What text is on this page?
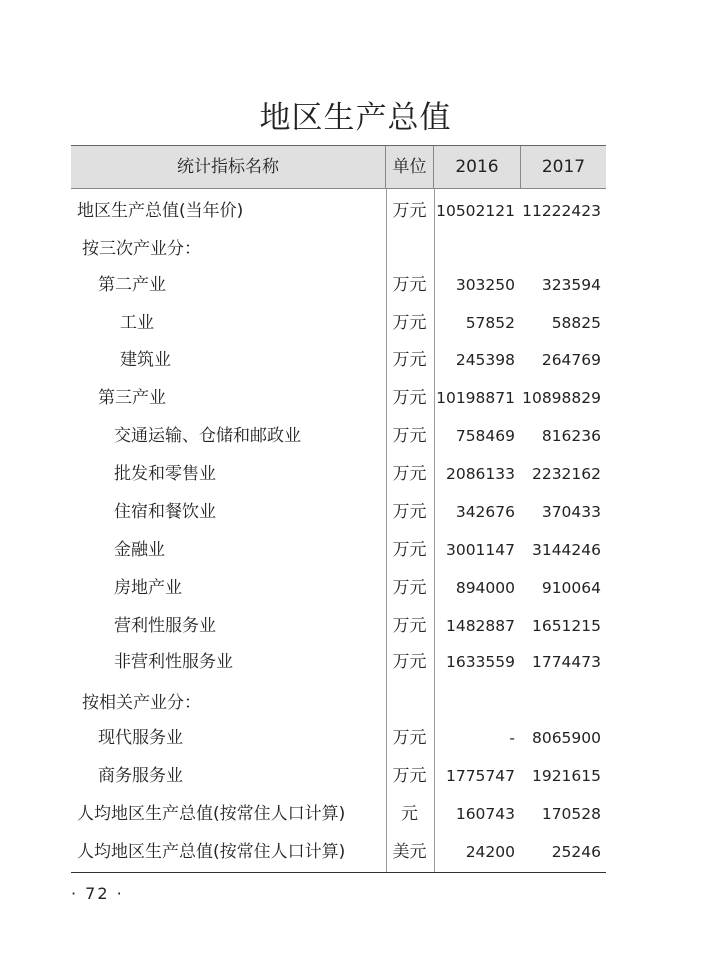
地区生产总值
统计指标名称	单位	2016	2017
地区生产总值(当年价)	万元 10502121 11222423
按三次产业分：
第二产业	万元	303250	323594
工业	万元	57852	58825
建筑业	万元	245398	264769
第三产业	万元 10198871 10898829
交通运输、仓储和邮政业	万元	758469	816236
批发和零售业	万元	2086133	2232162
住宿和餐饮业	万元	342676	370433
金融业	万元	3001147	3144246
房地产业	万元	894000	910064
营利性服务业	万元	1482887	1651215
非营利性服务业	万元	1633559	1774473
按相关产业分：
现代服务业	万元	-	8065900
商务服务业	万元	1775747	1921615
人均地区生产总值(按常住人口计算)	元	160743	170528
人均地区生产总值(按常住人口计算)	美元	24200	25246
· 72 ·
